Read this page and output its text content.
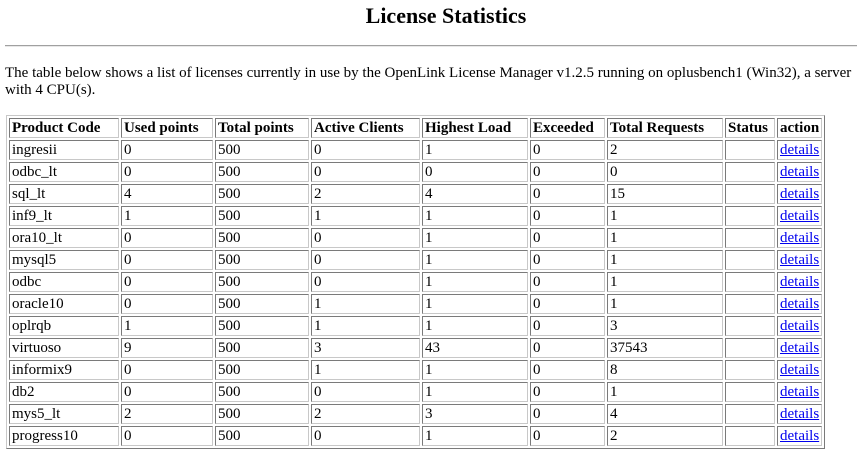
License Statistics

The table below shows a list of licenses currently in use by the OpenLink License Manager v1.2.5 running on oplusbench1 (Win32), a server with 4 CPU(s).

Product Code	Used points	Total points	Active Clients	Highest Load	Exceeded	Total Requests	Status	action
ingresii	0	500	0	1	0	2		details
odbc_lt	0	500	0	0	0	0		details
sql_lt	4	500	2	4	0	15		details
inf9_lt	1	500	1	1	0	1		details
ora10_lt	0	500	0	1	0	1		details
mysql5	0	500	0	1	0	1		details
odbc	0	500	0	1	0	1		details
oracle10	0	500	1	1	0	1		details
oplrqb	1	500	1	1	0	3		details
virtuoso	9	500	3	43	0	37543		details
informix9	0	500	1	1	0	8		details
db2	0	500	0	1	0	1		details
mys5_lt	2	500	2	3	0	4		details
progress10	0	500	0	1	0	2		details
